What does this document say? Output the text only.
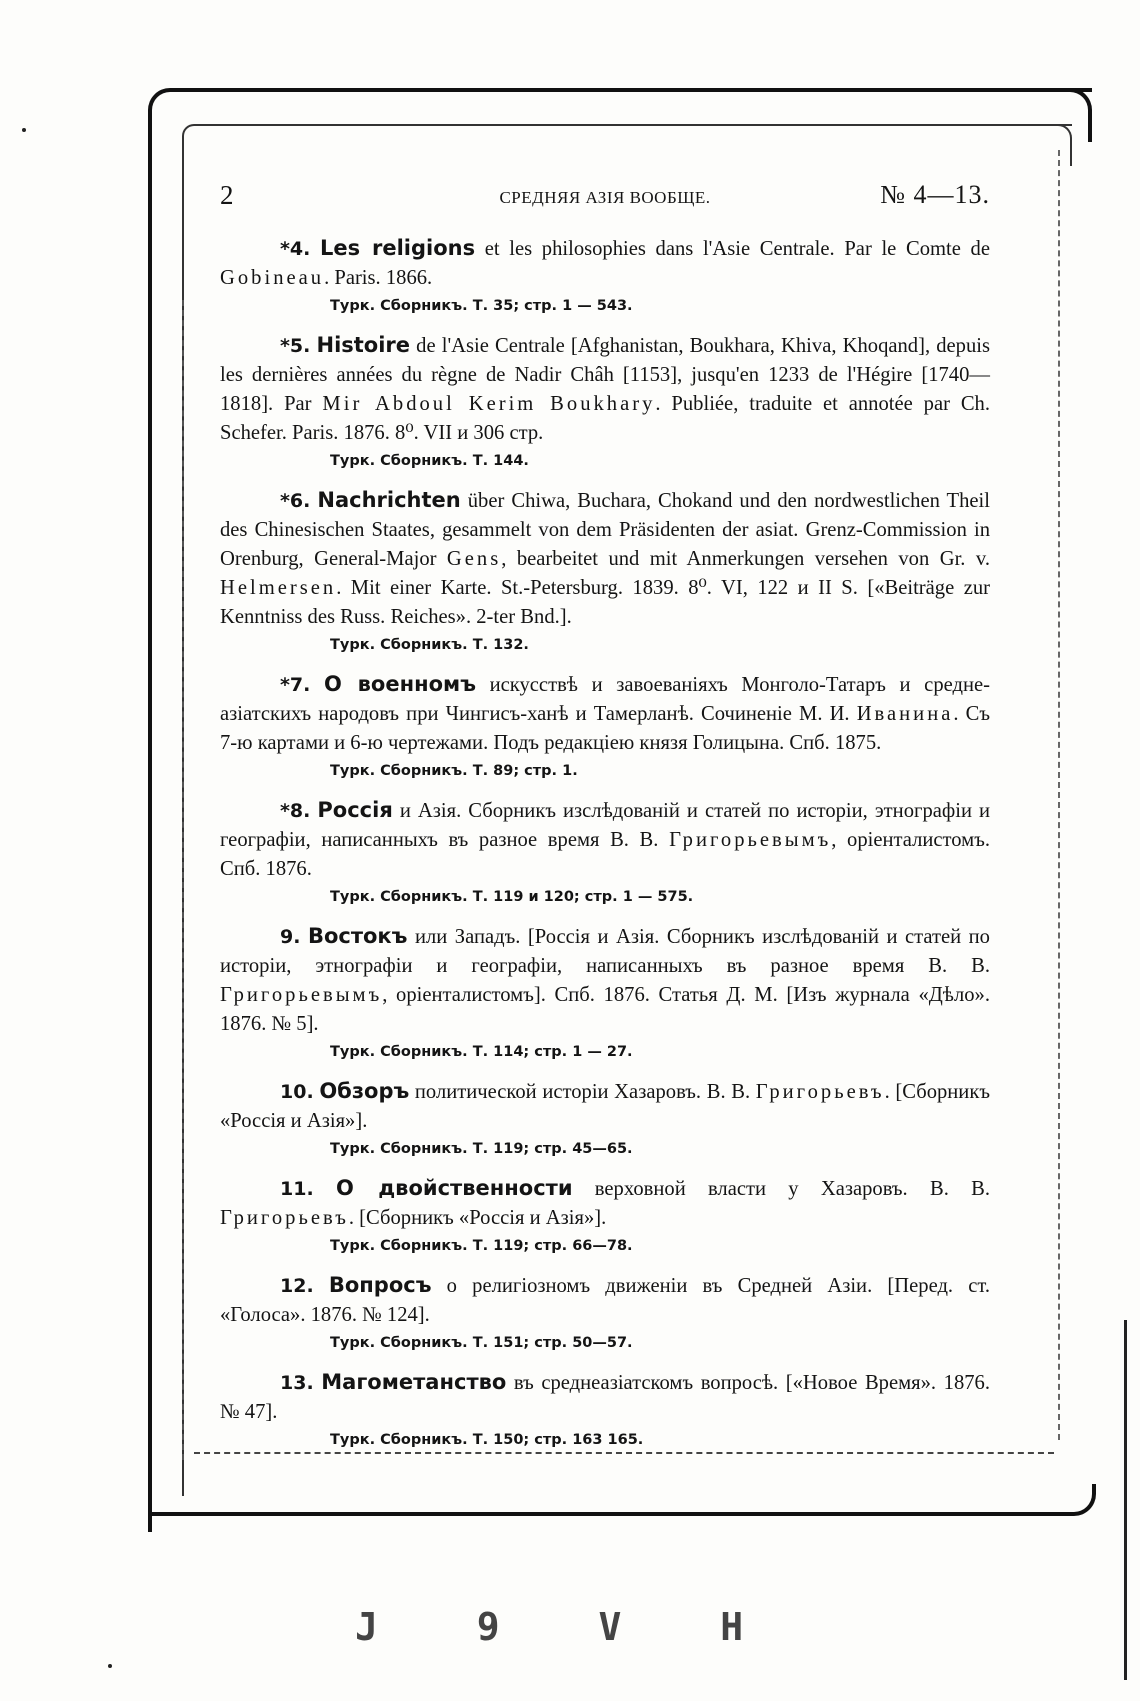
2	СРЕДНЯЯ АЗІЯ ВООБЩЕ.	№ 4—13.

*4. Les religions et les philosophies dans l'Asie Centrale. Par le Comte de Gobineau. Paris. 1866.

Турк. Сборникъ. Т. 35; стр. 1 — 543.

*5. Histoire de l'Asie Centrale [Afghanistan, Boukhara, Khiva, Khoqand], depuis les dernières années du règne de Nadir Châh [1153], jusqu'en 1233 de l'Hégire [1740—1818]. Par Mir Abdoul Kerim Boukhary. Publiée, traduite et annotée par Ch. Schefer. Paris. 1876. 8⁰. VII и 306 стр.

Турк. Сборникъ. Т. 144.

*6. Nachrichten über Chiwa, Buchara, Chokand und den nordwestlichen Theil des Chinesischen Staates, gesammelt von dem Präsidenten der asiat. Grenz-Commission in Orenburg, General-Major Gens, bearbeitet und mit Anmerkungen versehen von Gr. v. Helmersen. Mit einer Karte. St.-Petersburg. 1839. 8⁰. VI, 122 и II S. [«Beiträge zur Kenntniss des Russ. Reiches». 2-ter Bnd.].

Турк. Сборникъ. Т. 132.

*7. О военномъ искусствѣ и завоеваніяхъ Монголо-Татаръ и средне-азіатскихъ народовъ при Чингисъ-ханѣ и Тамерланѣ. Сочиненіе М. И. Иванина. Съ 7-ю картами и 6-ю чертежами. Подъ редакціею князя Голицына. Спб. 1875.

Турк. Сборникъ. Т. 89; стр. 1.

*8. Россія и Азія. Сборникъ изслѣдованій и статей по исторіи, этнографіи и географіи, написанныхъ въ разное время В. В. Григорьевымъ, оріенталистомъ. Спб. 1876.

Турк. Сборникъ. Т. 119 и 120; стр. 1 — 575.

9. Востокъ или Западъ. [Россія и Азія. Сборникъ изслѣдованій и статей по исторіи, этнографіи и географіи, написанныхъ въ разное время В. В. Григорьевымъ, оріенталистомъ]. Спб. 1876. Статья Д. М. [Изъ журнала «Дѣло». 1876. № 5].

Турк. Сборникъ. Т. 114; стр. 1 — 27.

10. Обзоръ политической исторіи Хазаровъ. В. В. Григорьевъ. [Сборникъ «Россія и Азія»].

Турк. Сборникъ. Т. 119; стр. 45—65.

11. О двойственности верховной власти у Хазаровъ. В. В. Григорьевъ. [Сборникъ «Россія и Азія»].

Турк. Сборникъ. Т. 119; стр. 66—78.

12. Вопросъ о религіозномъ движеніи въ Средней Азіи. [Перед. ст. «Голоса». 1876. № 124].

Турк. Сборникъ. Т. 151; стр. 50—57.

13. Магометанство въ среднеазіатскомъ вопросѣ. [«Новое Время». 1876. № 47].

Турк. Сборникъ. Т. 150; стр. 163 165.
J 9 V H
